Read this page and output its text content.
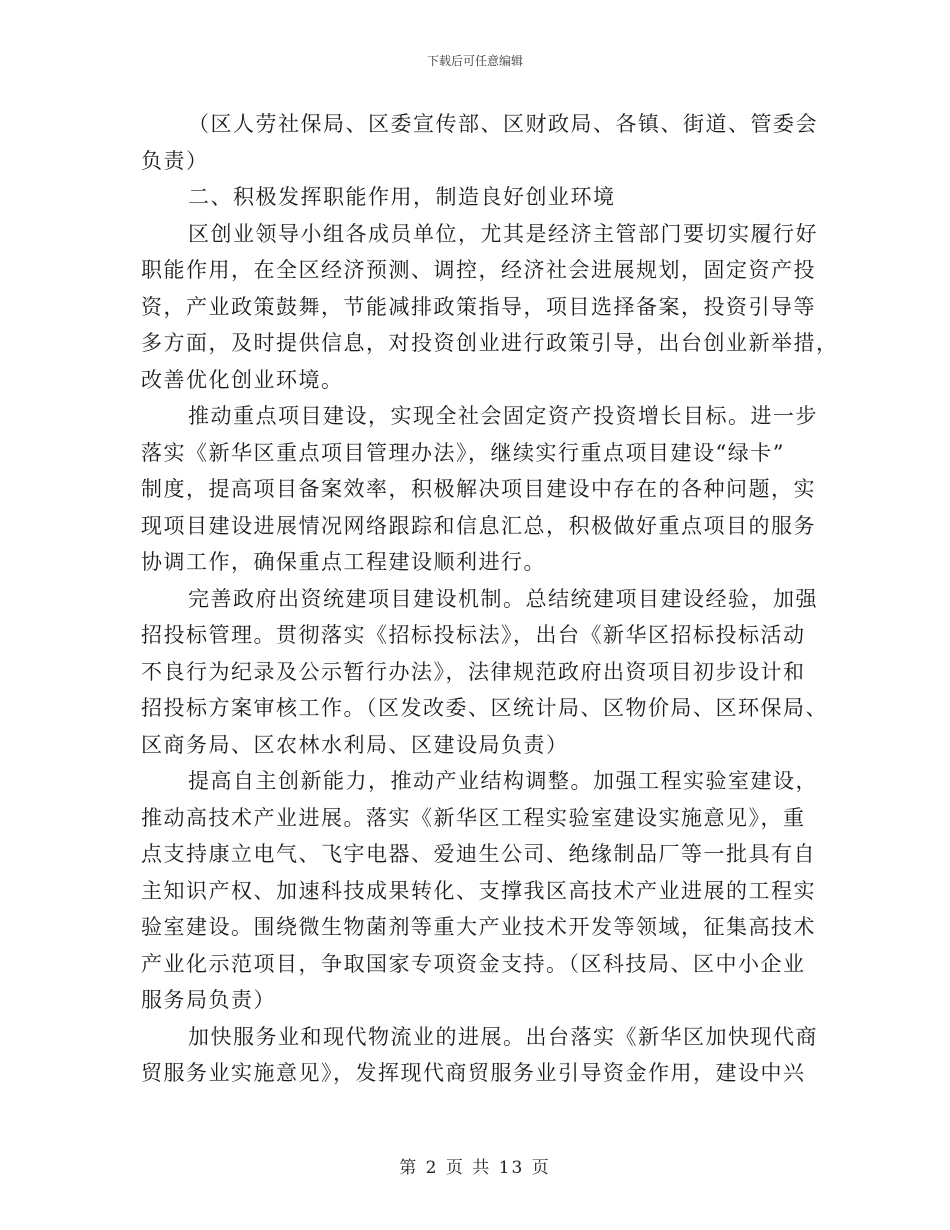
下载后可任意编辑
（区人劳社保局、区委宣传部、区财政局、各镇、街道、管委会
负责）
二、积极发挥职能作用，制造良好创业环境
区创业领导小组各成员单位，尤其是经济主管部门要切实履行好
职能作用，在全区经济预测、调控，经济社会进展规划，固定资产投
资，产业政策鼓舞，节能减排政策指导，项目选择备案，投资引导等
多方面，及时提供信息，对投资创业进行政策引导，出台创业新举措，
改善优化创业环境。
推动重点项目建设，实现全社会固定资产投资增长目标。进一步
落实《新华区重点项目管理办法》，继续实行重点项目建设“绿卡”
制度，提高项目备案效率，积极解决项目建设中存在的各种问题，实
现项目建设进展情况网络跟踪和信息汇总，积极做好重点项目的服务
协调工作，确保重点工程建设顺利进行。
完善政府出资统建项目建设机制。总结统建项目建设经验，加强
招投标管理。贯彻落实《招标投标法》，出台《新华区招标投标活动
不良行为纪录及公示暂行办法》，法律规范政府出资项目初步设计和
招投标方案审核工作。（区发改委、区统计局、区物价局、区环保局、
区商务局、区农林水利局、区建设局负责）
提高自主创新能力，推动产业结构调整。加强工程实验室建设，
推动高技术产业进展。落实《新华区工程实验室建设实施意见》，重
点支持康立电气、飞宇电器、爱迪生公司、绝缘制品厂等一批具有自
主知识产权、加速科技成果转化、支撑我区高技术产业进展的工程实
验室建设。围绕微生物菌剂等重大产业技术开发等领域，征集高技术
产业化示范项目，争取国家专项资金支持。（区科技局、区中小企业
服务局负责）
加快服务业和现代物流业的进展。出台落实《新华区加快现代商
贸服务业实施意见》，发挥现代商贸服务业引导资金作用，建设中兴
第 2 页 共 13 页
